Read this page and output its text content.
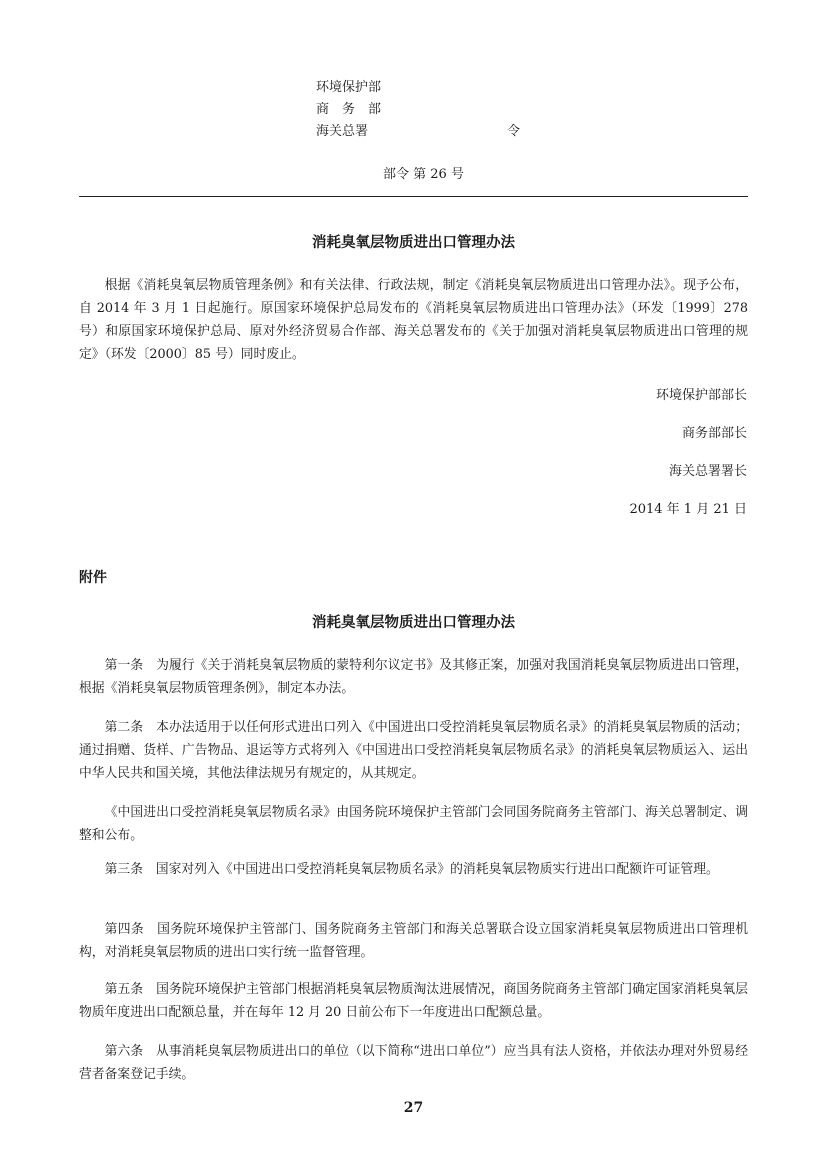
环境保护部
商　务　部
海关总署	令
部令 第 26 号
消耗臭氧层物质进出口管理办法

根据《消耗臭氧层物质管理条例》和有关法律、行政法规，制定《消耗臭氧层物质进出口管理办法》。现予公布，自 2014 年 3 月 1 日起施行。原国家环境保护总局发布的《消耗臭氧层物质进出口管理办法》（环发〔1999〕278 号）和原国家环境保护总局、原对外经济贸易合作部、海关总署发布的《关于加强对消耗臭氧层物质进出口管理的规定》（环发〔2000〕85 号）同时废止。

环境保护部部长
商务部部长
海关总署署长
2014 年 1 月 21 日
附件
消耗臭氧层物质进出口管理办法

第一条　为履行《关于消耗臭氧层物质的蒙特利尔议定书》及其修正案，加强对我国消耗臭氧层物质进出口管理，根据《消耗臭氧层物质管理条例》，制定本办法。

第二条　本办法适用于以任何形式进出口列入《中国进出口受控消耗臭氧层物质名录》的消耗臭氧层物质的活动；通过捐赠、货样、广告物品、退运等方式将列入《中国进出口受控消耗臭氧层物质名录》的消耗臭氧层物质运入、运出中华人民共和国关境，其他法律法规另有规定的，从其规定。

《中国进出口受控消耗臭氧层物质名录》由国务院环境保护主管部门会同国务院商务主管部门、海关总署制定、调整和公布。

第三条　国家对列入《中国进出口受控消耗臭氧层物质名录》的消耗臭氧层物质实行进出口配额许可证管理。

第四条　国务院环境保护主管部门、国务院商务主管部门和海关总署联合设立国家消耗臭氧层物质进出口管理机构，对消耗臭氧层物质的进出口实行统一监督管理。

第五条　国务院环境保护主管部门根据消耗臭氧层物质淘汰进展情况，商国务院商务主管部门确定国家消耗臭氧层物质年度进出口配额总量，并在每年 12 月 20 日前公布下一年度进出口配额总量。

第六条　从事消耗臭氧层物质进出口的单位（以下简称“进出口单位”）应当具有法人资格，并依法办理对外贸易经营者备案登记手续。

27
